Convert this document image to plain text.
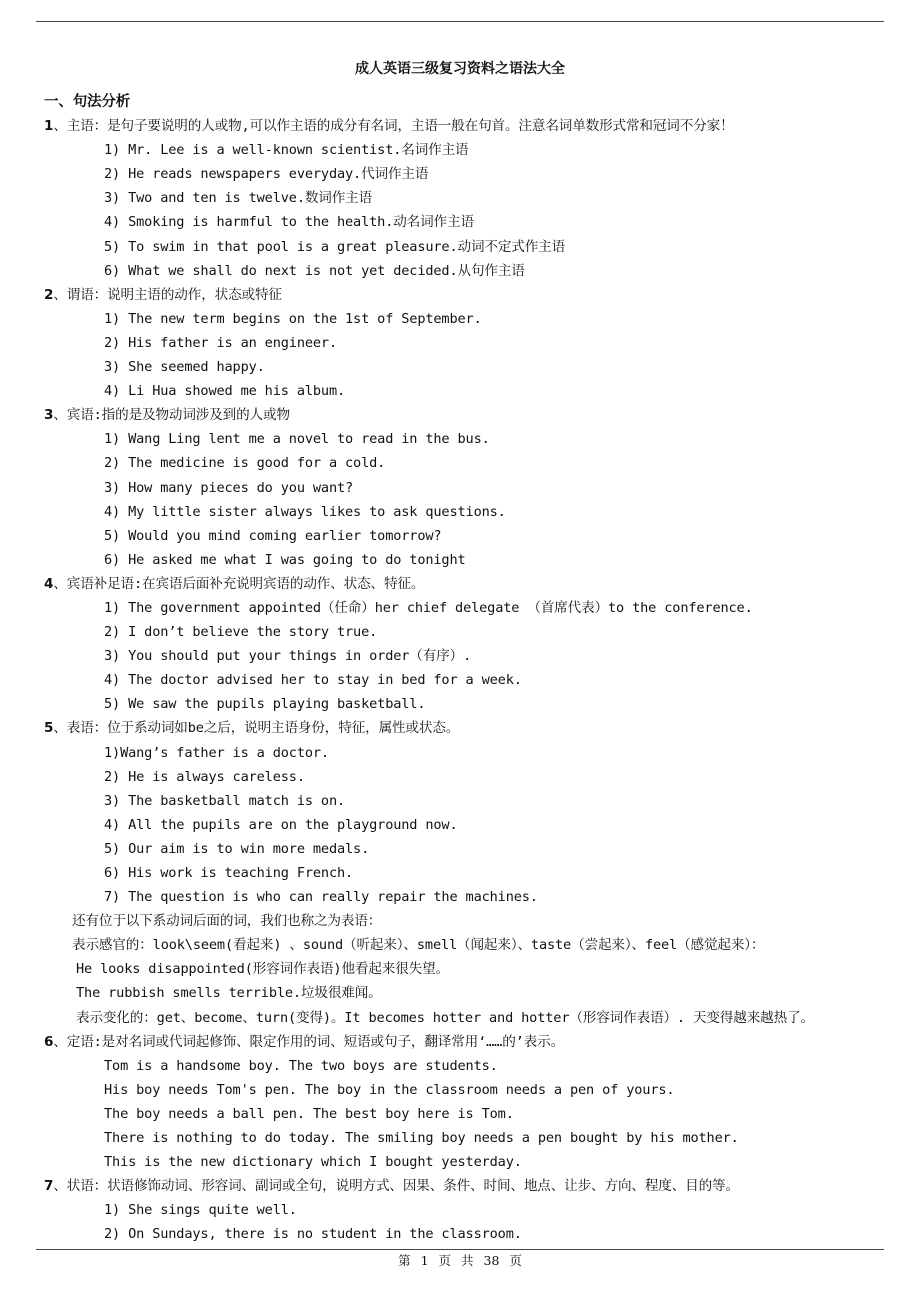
成人英语三级复习资料之语法大全
一、句法分析
1、主语：是句子要说明的人或物,可以作主语的成分有名词，主语一般在句首。注意名词单数形式常和冠词不分家！
1) Mr. Lee is a well-known scientist.名词作主语
2) He reads newspapers everyday.代词作主语
3) Two and ten is twelve.数词作主语
4) Smoking is harmful to the health.动名词作主语
5) To swim in that pool is a great pleasure.动词不定式作主语
6) What we shall do next is not yet decided.从句作主语
2、谓语：说明主语的动作，状态或特征
1) The new term begins on the 1st of September.
2) His father is an engineer.
3) She seemed happy.
4) Li Hua showed me his album.
3、宾语:指的是及物动词涉及到的人或物
1) Wang Ling lent me a novel to read in the bus.
2) The medicine is good for a cold.
3) How many pieces do you want?
4) My little sister always likes to ask questions.
5) Would you mind coming earlier tomorrow?
6) He asked me what I was going to do tonight
4、宾语补足语:在宾语后面补充说明宾语的动作、状态、特征。
1) The government appointed（任命）her chief delegate （首席代表）to the conference.
2) I don’t believe the story true.
3) You should put your things in order（有序）.
4) The doctor advised her to stay in bed for a week.
5) We saw the pupils playing basketball.
5、表语：位于系动词如be之后，说明主语身份，特征，属性或状态。
1)Wang’s father is a doctor.
2) He is always careless.
3) The basketball match is on.
4) All the pupils are on the playground now.
5) Our aim is to win more medals.
6) His work is teaching French.
7) The question is who can really repair the machines.
还有位于以下系动词后面的词，我们也称之为表语：
表示感官的：look\seem(看起来) 、sound（听起来）、smell（闻起来）、taste（尝起来）、feel（感觉起来）：
He looks disappointed(形容词作表语)他看起来很失望。
The rubbish smells terrible.垃圾很难闻。
表示变化的：get、become、turn(变得)。It becomes hotter and hotter（形容词作表语）. 天变得越来越热了。
6、定语:是对名词或代词起修饰、限定作用的词、短语或句子，翻译常用‘……的’表示。
Tom is a handsome boy. The two boys are students.
His boy needs Tom's pen. The boy in the classroom needs a pen of yours.
The boy needs a ball pen. The best boy here is Tom.
There is nothing to do today. The smiling boy needs a pen bought by his mother.
This is the new dictionary which I bought yesterday.
7、状语：状语修饰动词、形容词、副词或全句，说明方式、因果、条件、时间、地点、让步、方向、程度、目的等。
1) She sings quite well.
2) On Sundays, there is no student in the classroom.
第 1 页 共 38 页
